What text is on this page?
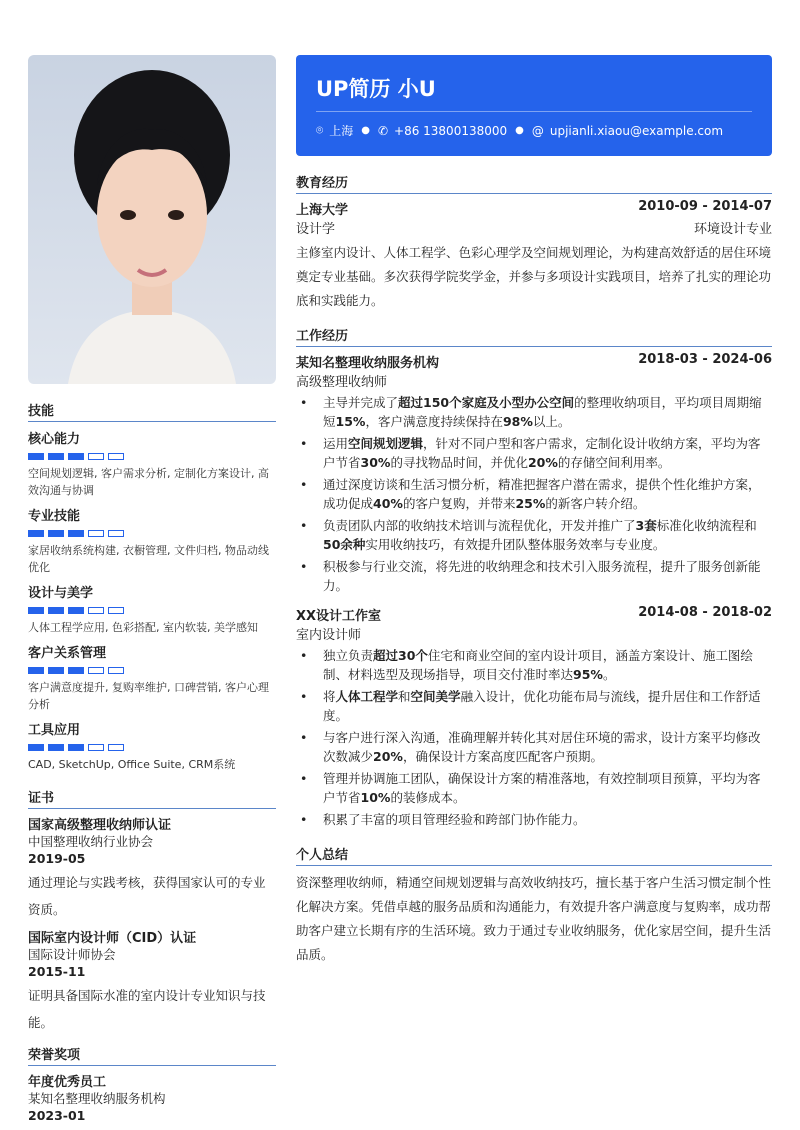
技能
核心能力
空间规划逻辑, 客户需求分析, 定制化方案设计, 高效沟通与协调
专业技能
家居收纳系统构建, 衣橱管理, 文件归档, 物品动线优化
设计与美学
人体工程学应用, 色彩搭配, 室内软装, 美学感知
客户关系管理
客户满意度提升, 复购率维护, 口碑营销, 客户心理分析
工具应用
CAD, SketchUp, Office Suite, CRM系统
证书
国家高级整理收纳师认证
中国整理收纳行业协会
2019-05
通过理论与实践考核，获得国家认可的专业资质。
国际室内设计师（CID）认证
国际设计师协会
2015-11
证明具备国际水准的室内设计专业知识与技能。
荣誉奖项
年度优秀员工
某知名整理收纳服务机构
2023-01
UP简历 小U
⌾ 上海 ● ✆ +86 13800138000 ● @ upjianli.xiaou@example.com
教育经历
上海大学	2010-09 - 2014-07
设计学	环境设计专业
主修室内设计、人体工程学、色彩心理学及空间规划理论，为构建高效舒适的居住环境奠定专业基础。多次获得学院奖学金，并参与多项设计实践项目，培养了扎实的理论功底和实践能力。
工作经历
某知名整理收纳服务机构	2018-03 - 2024-06
高级整理收纳师
• 主导并完成了超过150个家庭及小型办公空间的整理收纳项目，平均项目周期缩短15%，客户满意度持续保持在98%以上。
• 运用空间规划逻辑，针对不同户型和客户需求，定制化设计收纳方案，平均为客户节省30%的寻找物品时间，并优化20%的存储空间利用率。
• 通过深度访谈和生活习惯分析，精准把握客户潜在需求，提供个性化维护方案，成功促成40%的客户复购，并带来25%的新客户转介绍。
• 负责团队内部的收纳技术培训与流程优化，开发并推广了3套标准化收纳流程和50余种实用收纳技巧，有效提升团队整体服务效率与专业度。
• 积极参与行业交流，将先进的收纳理念和技术引入服务流程，提升了服务创新能力。
XX设计工作室	2014-08 - 2018-02
室内设计师
• 独立负责超过30个住宅和商业空间的室内设计项目，涵盖方案设计、施工图绘制、材料选型及现场指导，项目交付准时率达95%。
• 将人体工程学和空间美学融入设计，优化功能布局与流线，提升居住和工作舒适度。
• 与客户进行深入沟通，准确理解并转化其对居住环境的需求，设计方案平均修改次数减少20%，确保设计方案高度匹配客户预期。
• 管理并协调施工团队，确保设计方案的精准落地，有效控制项目预算，平均为客户节省10%的装修成本。
• 积累了丰富的项目管理经验和跨部门协作能力。
个人总结
资深整理收纳师，精通空间规划逻辑与高效收纳技巧，擅长基于客户生活习惯定制个性化解决方案。凭借卓越的服务品质和沟通能力，有效提升客户满意度与复购率，成功帮助客户建立长期有序的生活环境。致力于通过专业收纳服务，优化家居空间，提升生活品质。
